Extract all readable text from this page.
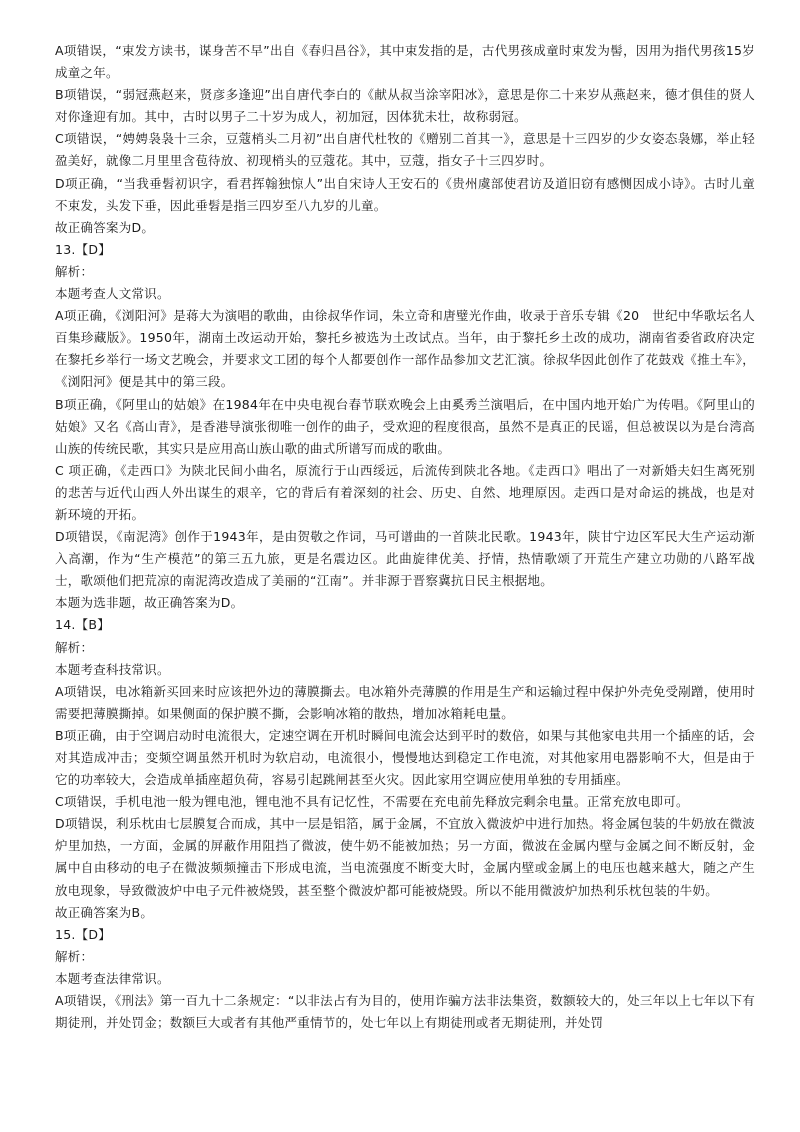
A项错误，“束发方读书，谋身苦不早”出自《春归昌谷》，其中束发指的是，古代男孩成童时束发为髻，因用为指代男孩15岁成童之年。

B项错误，“弱冠燕赵来，贤彦多逢迎”出自唐代李白的《献从叔当涂宰阳冰》，意思是你二十来岁从燕赵来，德才俱佳的贤人对你逢迎有加。其中，古时以男子二十岁为成人，初加冠，因体犹未壮，故称弱冠。

C项错误，“娉娉袅袅十三余，豆蔻梢头二月初”出自唐代杜牧的《赠别二首其一》，意思是十三四岁的少女姿态袅娜，举止轻盈美好，就像二月里里含苞待放、初现梢头的豆蔻花。其中，豆蔻，指女子十三四岁时。

D项正确，“当我垂髫初识字，看君挥翰独惊人”出自宋诗人王安石的《贵州虞部使君访及道旧窃有感恻因成小诗》。古时儿童不束发，头发下垂，因此垂髫是指三四岁至八九岁的儿童。

故正确答案为D。

13.【D】

解析：

本题考查人文常识。

A项正确，《浏阳河》是蒋大为演唱的歌曲，由徐叔华作词，朱立奇和唐璧光作曲，收录于音乐专辑《20　世纪中华歌坛名人百集珍藏版》。1950年，湖南土改运动开始，黎托乡被选为土改试点。当年，由于黎托乡土改的成功，湖南省委省政府决定在黎托乡举行一场文艺晚会，并要求文工团的每个人都要创作一部作品参加文艺汇演。徐叔华因此创作了花鼓戏《推土车》，《浏阳河》便是其中的第三段。

B项正确，《阿里山的姑娘》在1984年在中央电视台春节联欢晚会上由奚秀兰演唱后，在中国内地开始广为传唱。《阿里山的姑娘》又名《高山青》，是香港导演张彻唯一创作的曲子，受欢迎的程度很高，虽然不是真正的民谣，但总被误以为是台湾高山族的传统民歌，其实只是应用高山族山歌的曲式所谱写而成的歌曲。

C 项正确，《走西口》为陕北民间小曲名，原流行于山西绥远，后流传到陕北各地。《走西口》唱出了一对新婚夫妇生离死别的悲苦与近代山西人外出谋生的艰辛，它的背后有着深刻的社会、历史、自然、地理原因。走西口是对命运的挑战，也是对新环境的开拓。

D项错误，《南泥湾》创作于1943年，是由贺敬之作词，马可谱曲的一首陕北民歌。1943年，陕甘宁边区军民大生产运动渐入高潮，作为“生产模范”的第三五九旅，更是名震边区。此曲旋律优美、抒情，热情歌颂了开荒生产建立功勋的八路军战士，歌颂他们把荒凉的南泥湾改造成了美丽的“江南”。并非源于晋察冀抗日民主根据地。

本题为选非题，故正确答案为D。

14.【B】

解析：

本题考查科技常识。

A项错误，电冰箱新买回来时应该把外边的薄膜撕去。电冰箱外壳薄膜的作用是生产和运输过程中保护外壳免受剐蹭，使用时需要把薄膜撕掉。如果侧面的保护膜不撕，会影响冰箱的散热，增加冰箱耗电量。

B项正确，由于空调启动时电流很大，定速空调在开机时瞬间电流会达到平时的数倍，如果与其他家电共用一个插座的话，会对其造成冲击；变频空调虽然开机时为软启动，电流很小，慢慢地达到稳定工作电流，对其他家用电器影响不大，但是由于它的功率较大，会造成单插座超负荷，容易引起跳闸甚至火灾。因此家用空调应使用单独的专用插座。

C项错误，手机电池一般为锂电池，锂电池不具有记忆性，不需要在充电前先释放完剩余电量。正常充放电即可。

D项错误，利乐枕由七层膜复合而成，其中一层是铝箔，属于金属，不宜放入微波炉中进行加热。将金属包装的牛奶放在微波炉里加热，一方面，金属的屏蔽作用阻挡了微波，使牛奶不能被加热；另一方面，微波在金属内壁与金属之间不断反射，金属中自由移动的电子在微波频频撞击下形成电流，当电流强度不断变大时，金属内壁或金属上的电压也越来越大，随之产生放电现象，导致微波炉中电子元件被烧毁，甚至整个微波炉都可能被烧毁。所以不能用微波炉加热利乐枕包装的牛奶。

故正确答案为B。

15.【D】

解析：

本题考查法律常识。

A项错误，《刑法》第一百九十二条规定：“以非法占有为目的，使用诈骗方法非法集资，数额较大的，处三年以上七年以下有期徒刑，并处罚金；数额巨大或者有其他严重情节的，处七年以上有期徒刑或者无期徒刑，并处罚
